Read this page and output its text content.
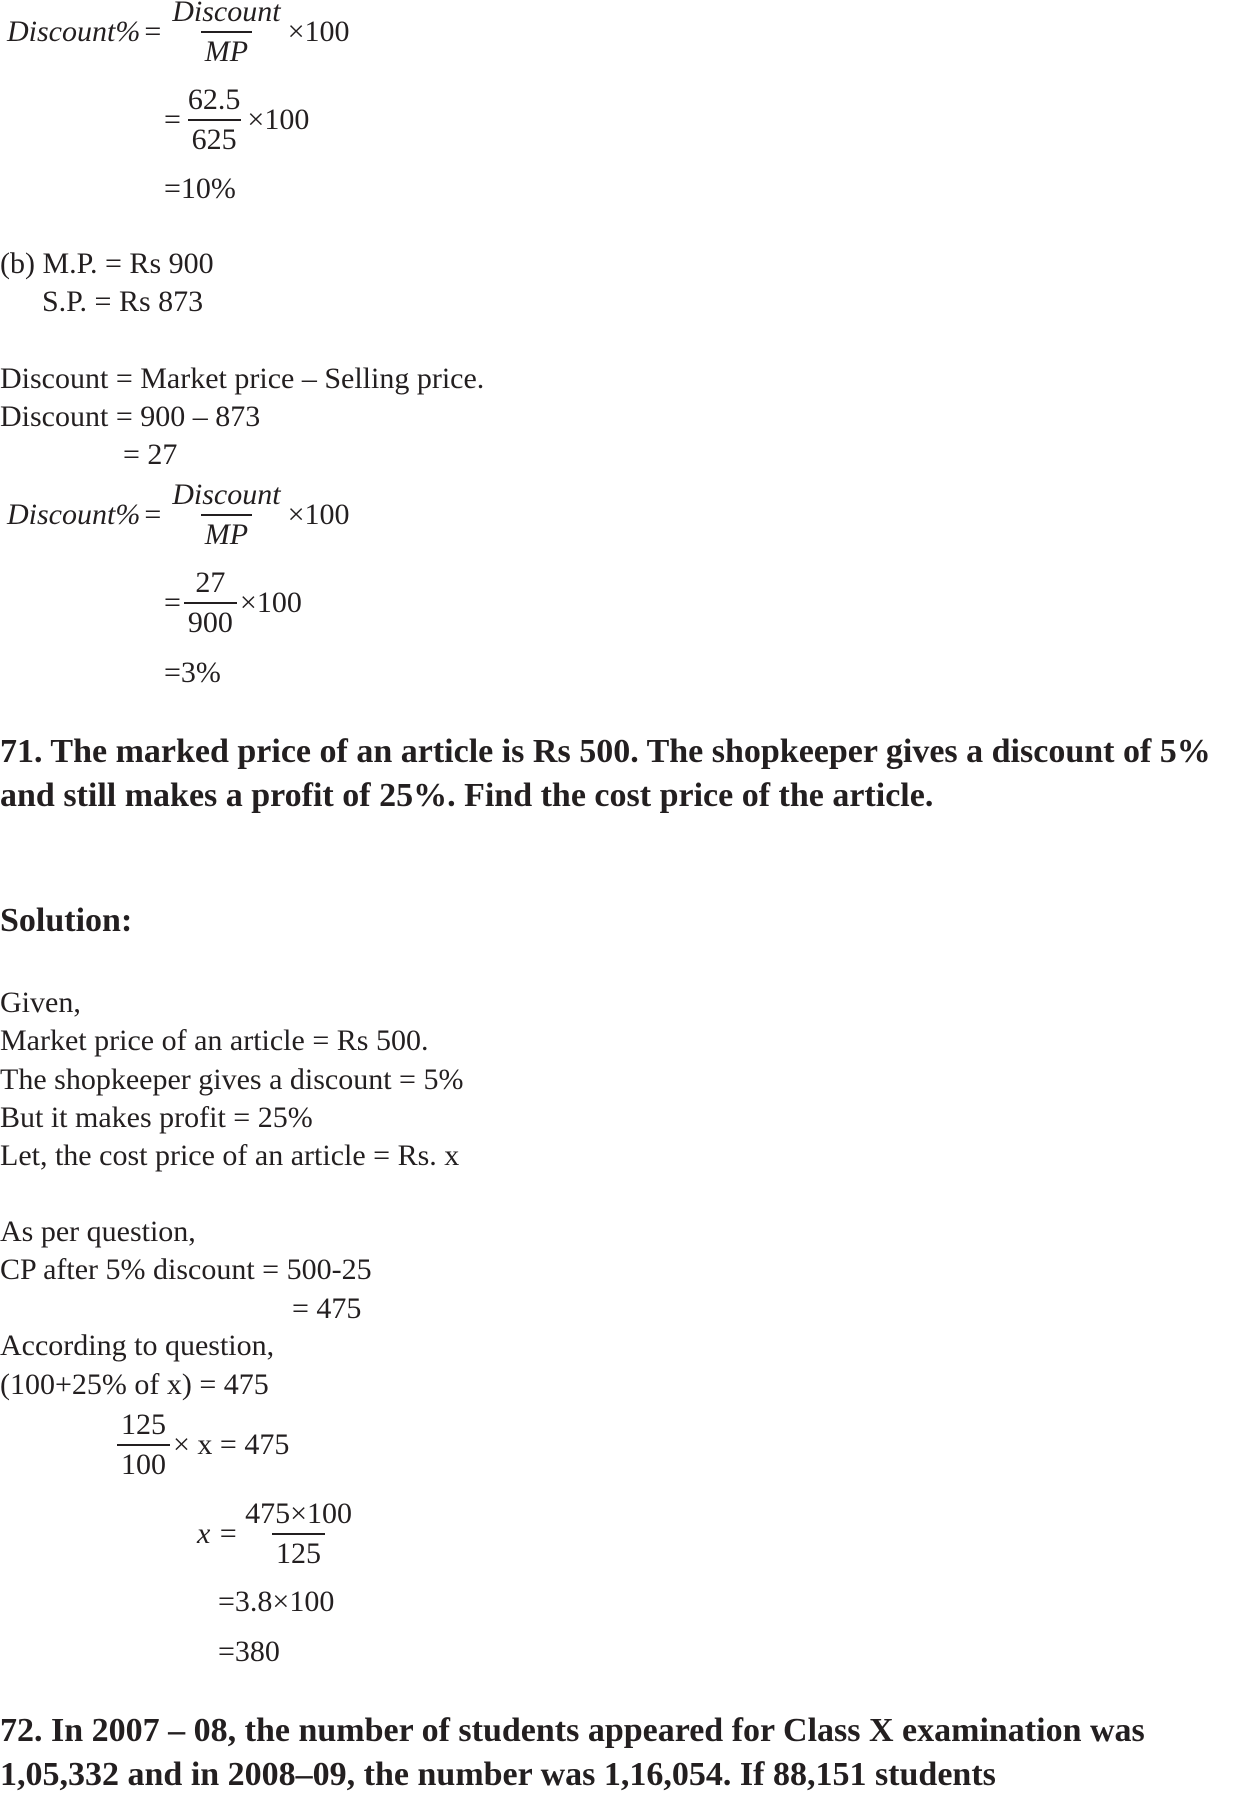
Discount% = $\frac{\text{Discount}}{MP} \times 100$
= $\frac{62.5}{625} \times 100$
=10%
(b) M.P. = Rs 900
S.P. = Rs 873
Discount = Market price – Selling price.
Discount = 900 – 873
= 27
Discount% = $\frac{\text{Discount}}{MP} \times 100$
= $\frac{27}{900} \times 100$
=3%
71. The marked price of an article is Rs 500. The shopkeeper gives a discount of 5% and still makes a profit of 25%. Find the cost price of the article.
Solution:
Given,
Market price of an article = Rs 500.
The shopkeeper gives a discount = 5%
But it makes profit = 25%
Let, the cost price of an article = Rs. x
As per question,
CP after 5% discount = 500-25
= 475
According to question,
(100+25% of x) = 475
$\frac{125}{100} \times x = 475$
$x = \frac{475\times 100}{125}$
=3.8×100
=380
72. In 2007 – 08, the number of students appeared for Class X examination was 1,05,332 and in 2008–09, the number was 1,16,054. If 88,151 students
